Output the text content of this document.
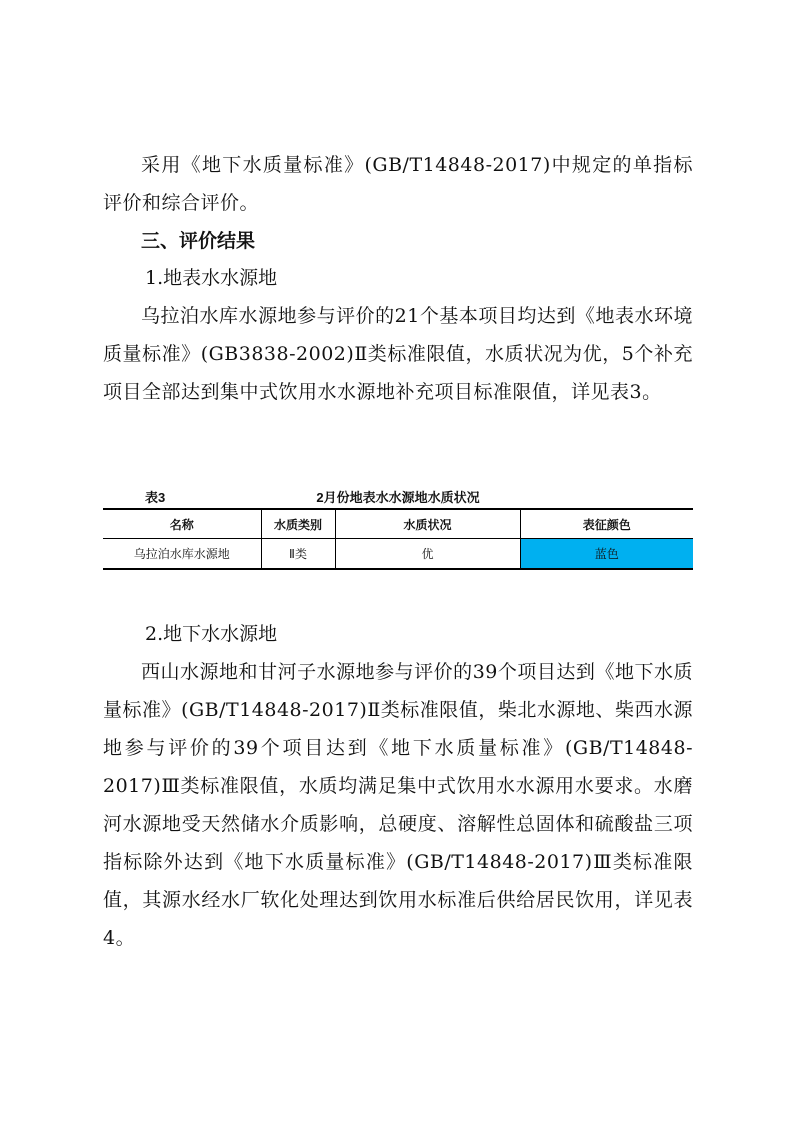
采用《地下水质量标准》(GB/T14848-2017)中规定的单指标评价和综合评价。

三、评价结果

1.地表水水源地

乌拉泊水库水源地参与评价的21个基本项目均达到《地表水环境质量标准》(GB3838-2002)Ⅱ类标准限值，水质状况为优，5个补充项目全部达到集中式饮用水水源地补充项目标准限值，详见表3。

表3	2月份地表水水源地水质状况
名称	水质类别	水质状况	表征颜色
乌拉泊水库水源地	Ⅱ类	优	蓝色

2.地下水水源地

西山水源地和甘河子水源地参与评价的39个项目达到《地下水质量标准》(GB/T14848-2017)Ⅱ类标准限值，柴北水源地、柴西水源地参与评价的39个项目达到《地下水质量标准》(GB/T14848-2017)Ⅲ类标准限值，水质均满足集中式饮用水水源用水要求。水磨河水源地受天然储水介质影响，总硬度、溶解性总固体和硫酸盐三项指标除外达到《地下水质量标准》(GB/T14848-2017)Ⅲ类标准限值，其源水经水厂软化处理达到饮用水标准后供给居民饮用，详见表4。
